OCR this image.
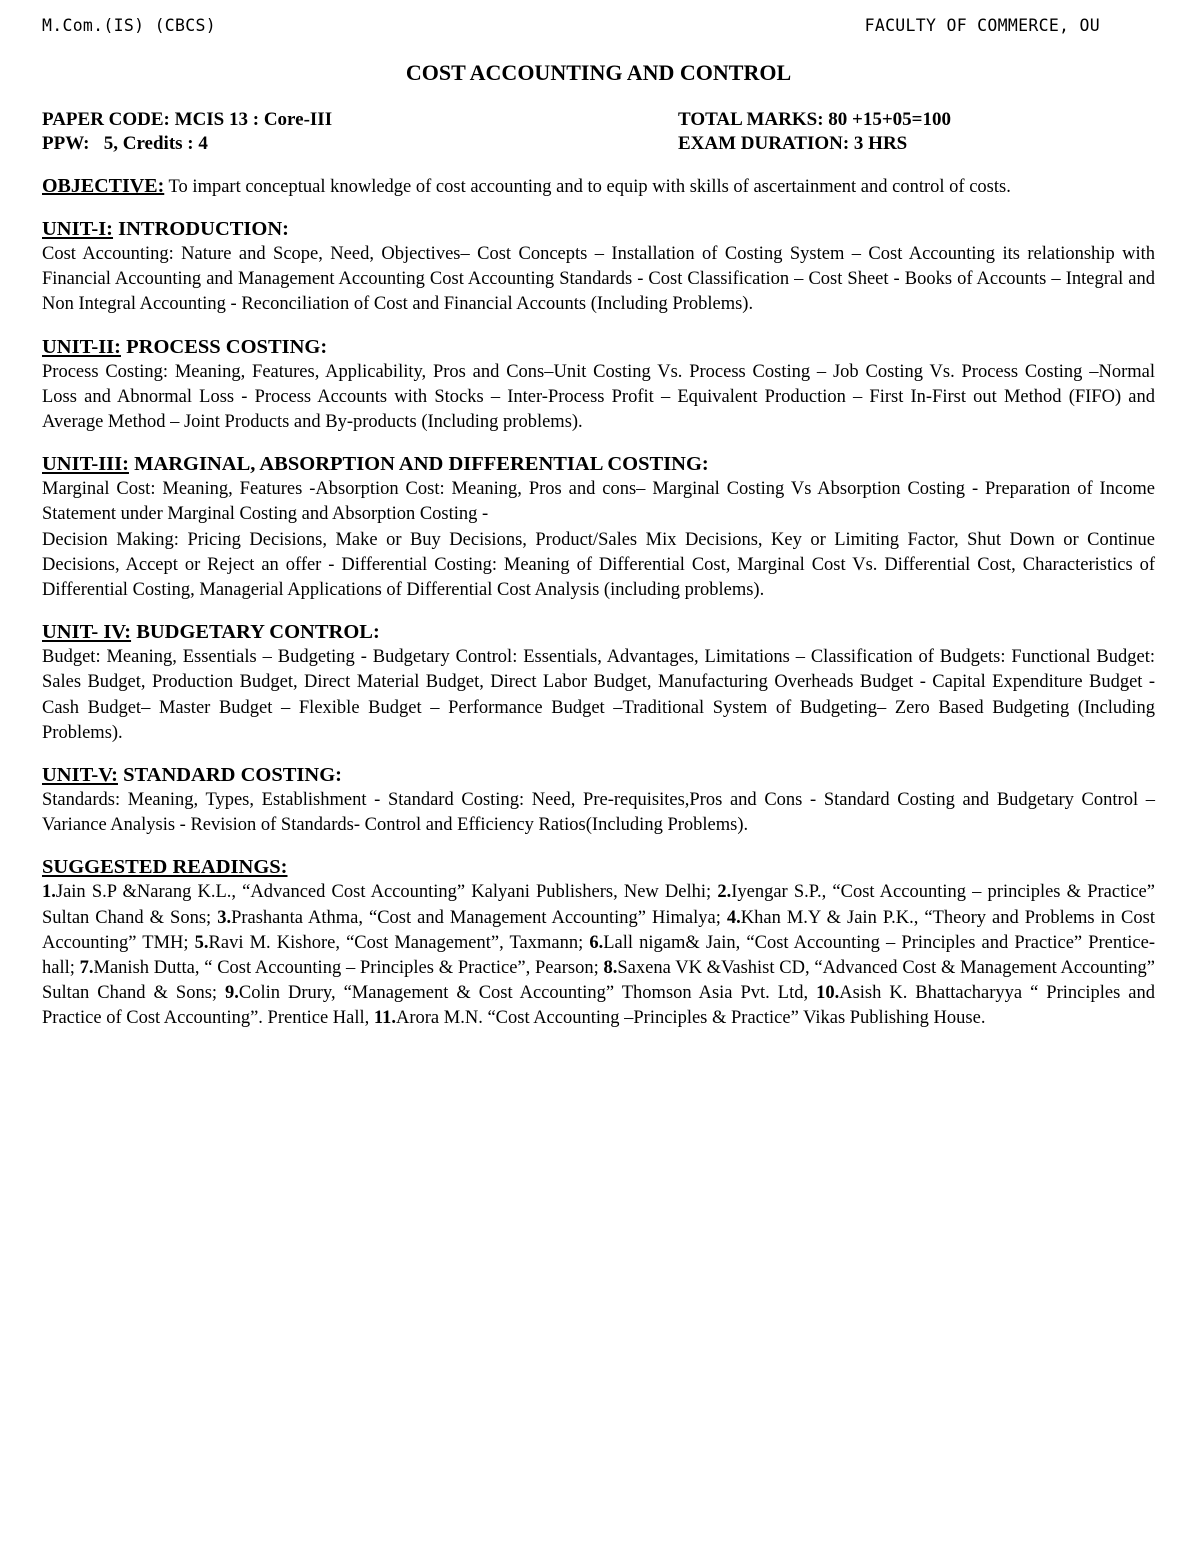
M.Com.(IS) (CBCS)	FACULTY OF COMMERCE, OU
COST ACCOUNTING AND CONTROL
PAPER CODE: MCIS 13 : Core-III
PPW:   5, Credits : 4
TOTAL MARKS: 80 +15+05=100
EXAM DURATION: 3 HRS
OBJECTIVE: To impart conceptual knowledge of cost accounting and to equip with skills of ascertainment and control of costs.
UNIT-I: INTRODUCTION:

Cost Accounting: Nature and Scope, Need, Objectives– Cost Concepts – Installation of Costing System – Cost Accounting its relationship with Financial Accounting and Management Accounting Cost Accounting Standards - Cost Classification – Cost Sheet - Books of Accounts – Integral and Non Integral Accounting - Reconciliation of Cost and Financial Accounts (Including Problems).

UNIT-II: PROCESS COSTING:

Process Costing: Meaning, Features, Applicability, Pros and Cons–Unit Costing Vs. Process Costing – Job Costing Vs. Process Costing –Normal Loss and Abnormal Loss - Process Accounts with Stocks – Inter-Process Profit – Equivalent Production – First In-First out Method (FIFO) and Average Method – Joint Products and By-products (Including problems).

UNIT-III: MARGINAL, ABSORPTION AND DIFFERENTIAL COSTING:

Marginal Cost: Meaning, Features -Absorption Cost: Meaning, Pros and cons– Marginal Costing Vs Absorption Costing - Preparation of Income Statement under Marginal Costing and Absorption Costing -

Decision Making: Pricing Decisions, Make or Buy Decisions, Product/Sales Mix Decisions, Key or Limiting Factor, Shut Down or Continue Decisions, Accept or Reject an offer - Differential Costing: Meaning of Differential Cost, Marginal Cost Vs. Differential Cost, Characteristics of Differential Costing, Managerial Applications of Differential Cost Analysis (including problems).

UNIT- IV: BUDGETARY CONTROL:

Budget: Meaning, Essentials – Budgeting - Budgetary Control: Essentials, Advantages, Limitations – Classification of Budgets: Functional Budget: Sales Budget, Production Budget, Direct Material Budget, Direct Labor Budget, Manufacturing Overheads Budget - Capital Expenditure Budget - Cash Budget– Master Budget – Flexible Budget – Performance Budget –Traditional System of Budgeting– Zero Based Budgeting (Including Problems).

UNIT-V: STANDARD COSTING:

Standards: Meaning, Types, Establishment - Standard Costing: Need, Pre-requisites,Pros and Cons - Standard Costing and Budgetary Control – Variance Analysis - Revision of Standards- Control and Efficiency Ratios(Including Problems).

SUGGESTED READINGS:
1.Jain S.P &Narang K.L., “Advanced Cost Accounting” Kalyani Publishers, New Delhi; 2.Iyengar S.P., “Cost Accounting – principles & Practice” Sultan Chand & Sons; 3.Prashanta Athma, “Cost and Management Accounting” Himalya; 4.Khan M.Y & Jain P.K., “Theory and Problems in Cost Accounting” TMH; 5.Ravi M. Kishore, “Cost Management”, Taxmann; 6.Lall nigam& Jain, “Cost Accounting – Principles and Practice” Prentice-hall; 7.Manish Dutta, “ Cost Accounting – Principles & Practice”, Pearson; 8.Saxena VK &Vashist CD, “Advanced Cost & Management Accounting” Sultan Chand & Sons; 9.Colin Drury, “Management & Cost Accounting” Thomson Asia Pvt. Ltd, 10.Asish K. Bhattacharyya “ Principles and Practice of Cost Accounting”. Prentice Hall, 11.Arora M.N. “Cost Accounting –Principles & Practice” Vikas Publishing House.
